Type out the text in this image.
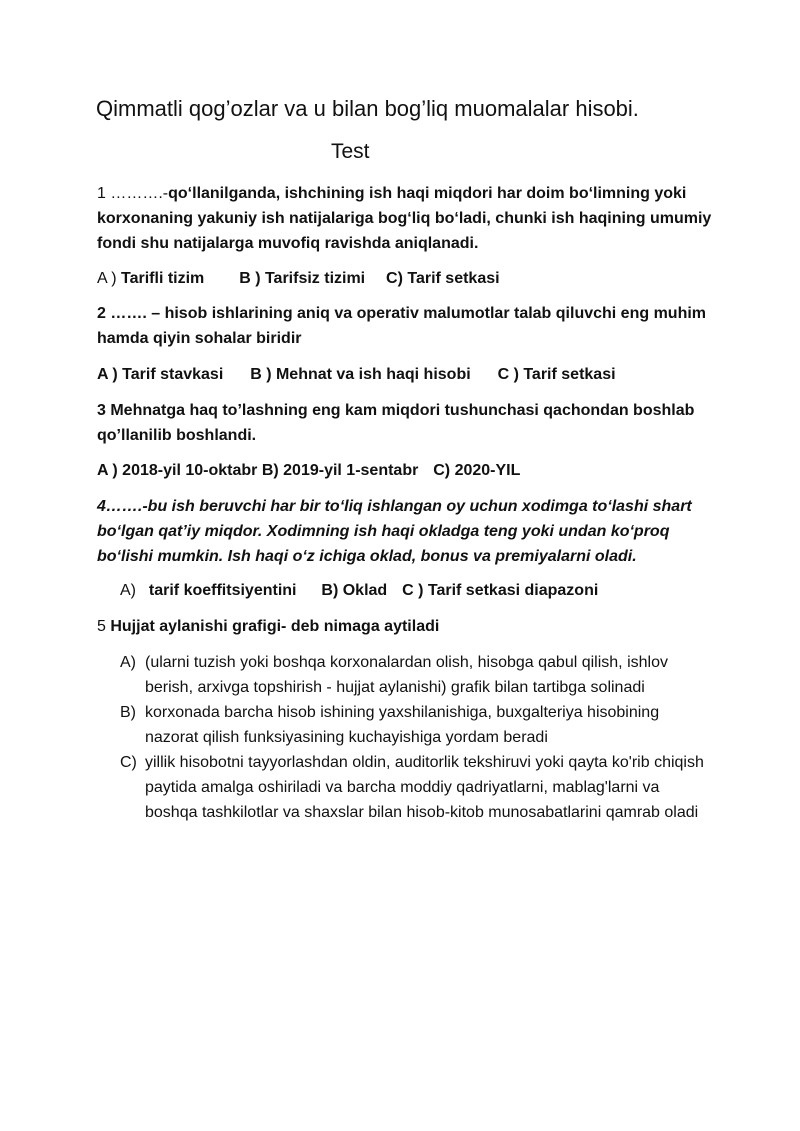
Qimmatli qog’ozlar va u bilan bog’liq muomalalar hisobi.
Test
1 ……….-qo‘llanilganda, ishchining ish haqi miqdori har doim bo‘limning yoki korxonaning yakuniy ish natijalariga bog‘liq bo‘ladi, chunki ish haqining umumiy fondi shu natijalarga muvofiq ravishda aniqlanadi.
A ) Tarifli tizim B ) Tarifsiz tizimi C) Tarif setkasi
2 ……. – hisob ishlarining aniq va operativ malumotlar talab qiluvchi eng muhim hamda qiyin sohalar biridir
A ) Tarif stavkasi B ) Mehnat va ish haqi hisobi C ) Tarif setkasi
3 Mehnatga haq to’lashning eng kam miqdori tushunchasi qachondan boshlab qo’llanilib boshlandi.
A ) 2018-yil 10-oktabr B) 2019-yil 1-sentabr C) 2020-YIL
4…….-bu ish beruvchi har bir to‘liq ishlangan oy uchun xodimga to‘lashi shart bo‘lgan qat’iy miqdor. Xodimning ish haqi okladga teng yoki undan ko‘proq bo‘lishi mumkin. Ish haqi o‘z ichiga oklad, bonus va premiyalarni oladi.
A) tarif koeffitsiyentini B) Oklad C ) Tarif setkasi diapazoni
5 Hujjat aylanishi grafigi- deb nimaga aytiladi
A) (ularni tuzish yoki boshqa korxonalardan olish, hisobga qabul qilish, ishlov berish, arxivga topshirish - hujjat aylanishi) grafik bilan tartibga solinadi
B) korxonada barcha hisob ishining yaxshilanishiga, buxgalteriya hisobining nazorat qilish funksiyasining kuchayishiga yordam beradi
C) yillik hisobotni tayyorlashdan oldin, auditorlik tekshiruvi yoki qayta ko'rib chiqish paytida amalga oshiriladi va barcha moddiy qadriyatlarni, mablag'larni va boshqa tashkilotlar va shaxslar bilan hisob-kitob munosabatlarini qamrab oladi
